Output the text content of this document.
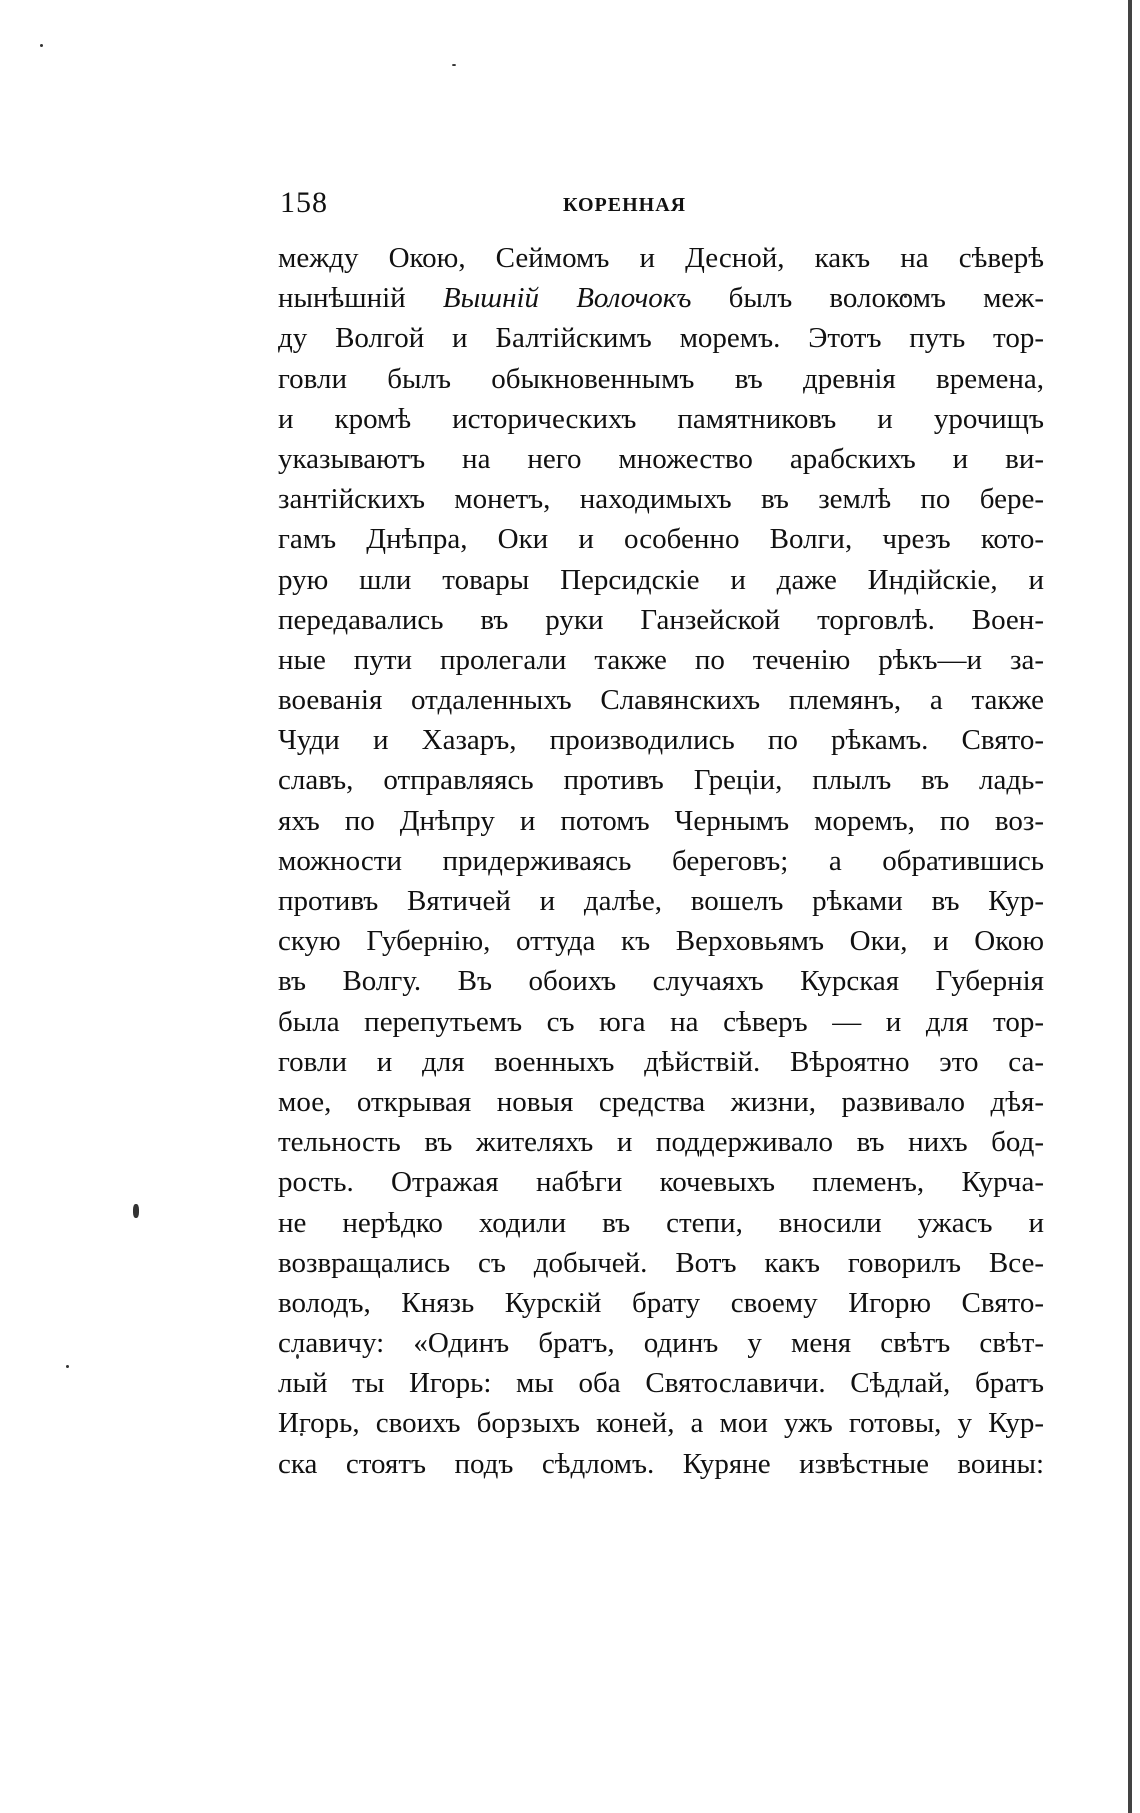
158	КОРЕННАЯ
между Окою, Сеймомъ и Десной, какъ на сѣверѣ
нынѣшній Вышній Волочокъ былъ волокомъ меж-
ду Волгой и Балтійскимъ моремъ. Этотъ путь тор-
говли былъ обыкновеннымъ въ древнія времена,
и кромѣ историческихъ памятниковъ и урочищъ
указываютъ на него множество арабскихъ и ви-
зантійскихъ монетъ, находимыхъ въ землѣ по бере-
гамъ Днѣпра, Оки и особенно Волги, чрезъ кото-
рую шли товары Персидскіе и даже Индійскіе, и
передавались въ руки Ганзейской торговлѣ. Воен-
ные пути пролегали также по теченію рѣкъ—и за-
воеванія отдаленныхъ Славянскихъ племянъ, а также
Чуди и Хазаръ, производились по рѣкамъ. Свято-
славъ, отправляясь противъ Греціи, плылъ въ ладь-
яхъ по Днѣпру и потомъ Чернымъ моремъ, по воз-
можности придерживаясь береговъ; а обратившись
противъ Вятичей и далѣе, вошелъ рѣками въ Кур-
скую Губернію, оттуда къ Верховьямъ Оки, и Окою
въ Волгу. Въ обоихъ случаяхъ Курская Губернія
была перепутьемъ съ юга на сѣверъ — и для тор-
говли и для военныхъ дѣйствій. Вѣроятно это са-
мое, открывая новыя средства жизни, развивало дѣя-
тельность въ жителяхъ и поддерживало въ нихъ бод-
рость. Отражая набѣги кочевыхъ племенъ, Курча-
не нерѣдко ходили въ степи, вносили ужасъ и
возвращались съ добычей. Вотъ какъ говорилъ Все-
володъ, Князь Курскій брату своему Игорю Свято-
славичу: «Одинъ братъ, одинъ у меня свѣтъ свѣт-
лый ты Игорь: мы оба Святославичи. Сѣдлай, братъ
Игорь, своихъ борзыхъ коней, а мои ужъ готовы, у Кур-
ска стоятъ подъ сѣдломъ. Куряне извѣстные воины:
